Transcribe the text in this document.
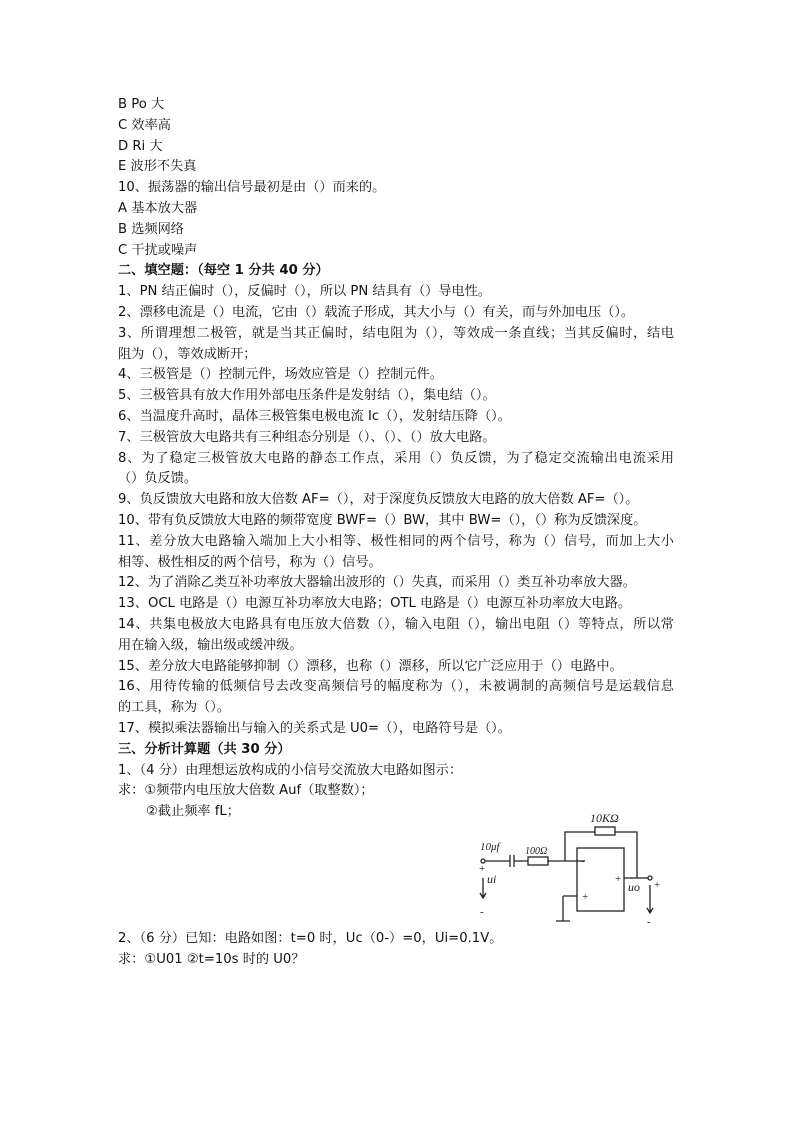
B Po 大
C 效率高
D Ri 大
E 波形不失真
10、振荡器的输出信号最初是由（）而来的。
A 基本放大器
B 选频网络
C 干扰或噪声
二、填空题：（每空 1 分共 40 分）
1、PN 结正偏时（），反偏时（），所以 PN 结具有（）导电性。
2、漂移电流是（）电流，它由（）载流子形成，其大小与（）有关，而与外加电压（）。
3、所谓理想二极管，就是当其正偏时，结电阻为（），等效成一条直线；当其反偏时，结电
阻为（），等效成断开；
4、三极管是（）控制元件，场效应管是（）控制元件。
5、三极管具有放大作用外部电压条件是发射结（），集电结（）。
6、当温度升高时，晶体三极管集电极电流 Ic（），发射结压降（）。
7、三极管放大电路共有三种组态分别是（）、（）、（）放大电路。
8、为了稳定三极管放大电路的静态工作点，采用（）负反馈，为了稳定交流输出电流采用
（）负反馈。
9、负反馈放大电路和放大倍数 AF=（），对于深度负反馈放大电路的放大倍数 AF=（）。
10、带有负反馈放大电路的频带宽度 BWF=（）BW，其中 BW=（），（）称为反馈深度。
11、差分放大电路输入端加上大小相等、极性相同的两个信号，称为（）信号，而加上大小
相等、极性相反的两个信号，称为（）信号。
12、为了消除乙类互补功率放大器输出波形的（）失真，而采用（）类互补功率放大器。
13、OCL 电路是（）电源互补功率放大电路；OTL 电路是（）电源互补功率放大电路。
14、共集电极放大电路具有电压放大倍数（），输入电阻（），输出电阻（）等特点，所以常
用在输入级，输出级或缓冲级。
15、差分放大电路能够抑制（）漂移，也称（）漂移，所以它广泛应用于（）电路中。
16、用待传输的低频信号去改变高频信号的幅度称为（），未被调制的高频信号是运载信息
的工具，称为（）。
17、模拟乘法器输出与输入的关系式是 U0=（），电路符号是（）。
三、分析计算题（共 30 分）
1、（4 分）由理想运放构成的小信号交流放大电路如图示：
求：①频带内电压放大倍数 Auf（取整数）；
②截止频率 fL；
2、（6 分）已知：电路如图：t=0 时，Uc（0-）=0，Ui=0.1V。
求：①U01 ②t=10s 时的 U0？
10KΩ
10μf	100Ω
-
+
+
+
-
+
-
ui
uo
